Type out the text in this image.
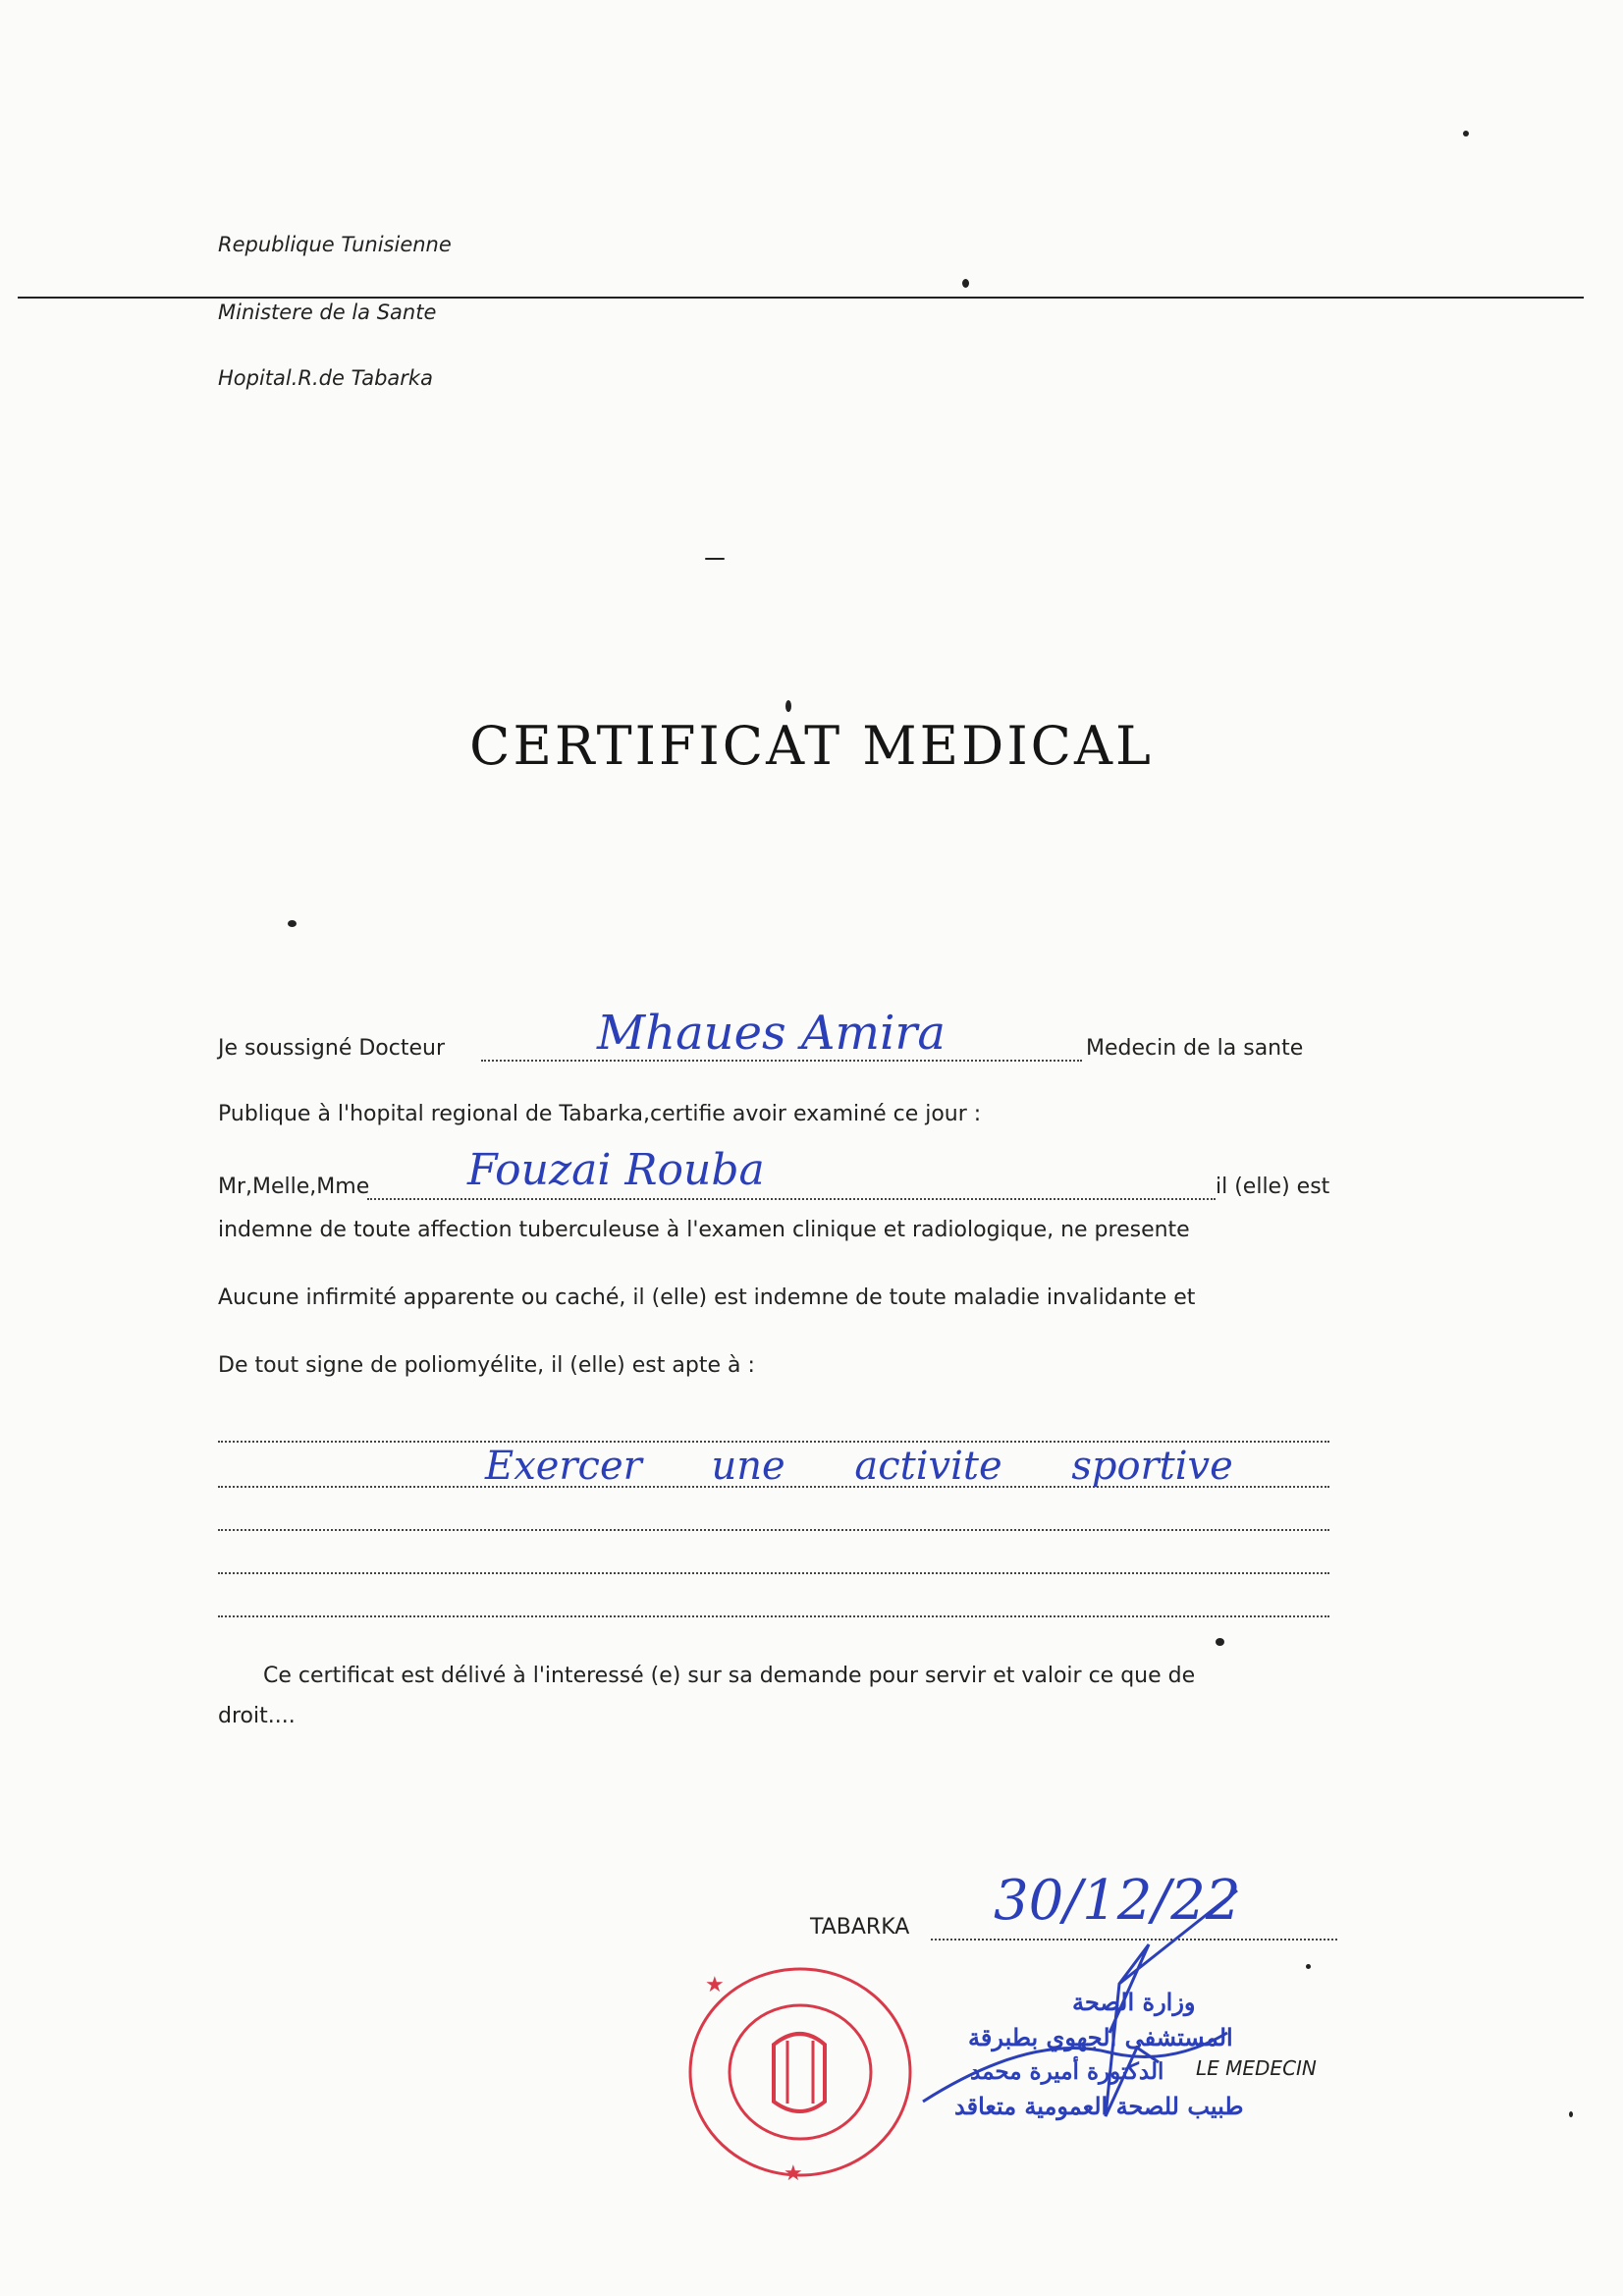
Republique Tunisienne
Ministere de la Sante
Hopital.R.de Tabarka
CERTIFICAT MEDICAL
Je soussigné Docteur	Mhaues Amira	Medecin de la sante
Publique à l'hopital regional de Tabarka,certifie avoir examiné ce jour :
Mr,Melle,Mme Fouzai Rouba	il (elle) est
indemne de toute affection tuberculeuse à l'examen clinique et radiologique, ne presente
Aucune infirmité apparente ou caché, il (elle) est indemne de toute maladie invalidante et
De tout signe de poliomyélite, il (elle) est apte à :
Exercer une activite sportive
Ce certificat est délivé à l'interessé (e) sur sa demande pour servir et valoir ce que de
droit....
TABARKA 30/12/22
★
★
وزارة الصحة
المستشفى الجهوي بطبرقة
الدكتورة أميرة محمد
طبيب للصحة العمومية متعاقد
LE MEDECIN
